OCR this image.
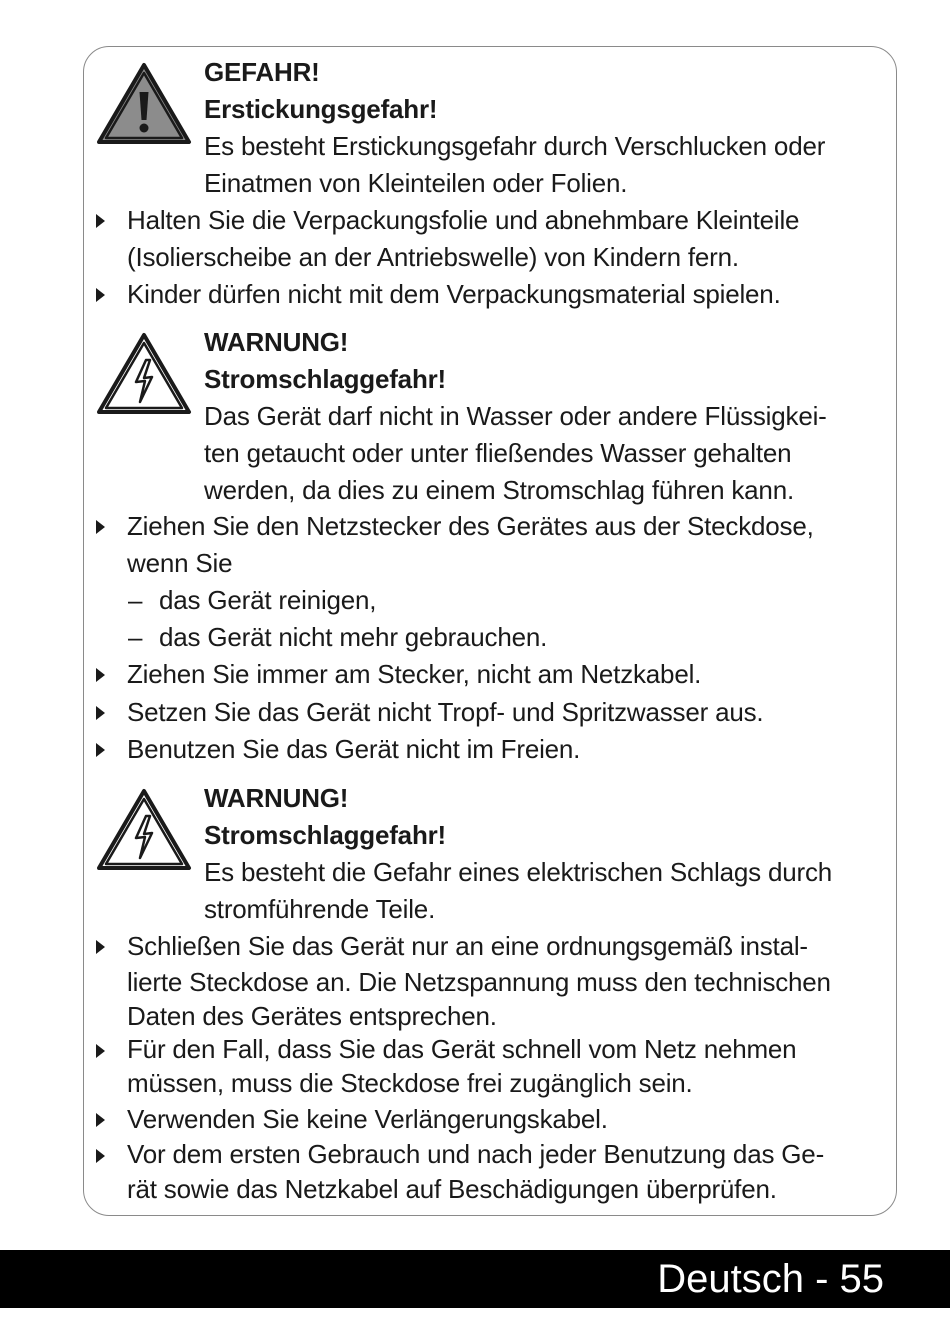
GEFAHR!
Erstickungsgefahr!
Es besteht Erstickungsgefahr durch Verschlucken oder
Einatmen von Kleinteilen oder Folien.
Halten Sie die Verpackungsfolie und abnehmbare Kleinteile
(Isolierscheibe an der Antriebswelle) von Kindern fern.
Kinder dürfen nicht mit dem Verpackungsmaterial spielen.
WARNUNG!
Stromschlaggefahr!
Das Gerät darf nicht in Wasser oder andere Flüssigkei-
ten getaucht oder unter fließendes Wasser gehalten
werden, da dies zu einem Stromschlag führen kann.
Ziehen Sie den Netzstecker des Gerätes aus der Steckdose,
wenn Sie
– das Gerät reinigen,
– das Gerät nicht mehr gebrauchen.
Ziehen Sie immer am Stecker, nicht am Netzkabel.
Setzen Sie das Gerät nicht Tropf- und Spritzwasser aus.
Benutzen Sie das Gerät nicht im Freien.
WARNUNG!
Stromschlaggefahr!
Es besteht die Gefahr eines elektrischen Schlags durch
stromführende Teile.
Schließen Sie das Gerät nur an eine ordnungsgemäß instal-
lierte Steckdose an. Die Netzspannung muss den technischen
Daten des Gerätes entsprechen.
Für den Fall, dass Sie das Gerät schnell vom Netz nehmen
müssen, muss die Steckdose frei zugänglich sein.
Verwenden Sie keine Verlängerungskabel.
Vor dem ersten Gebrauch und nach jeder Benutzung das Ge-
rät sowie das Netzkabel auf Beschädigungen überprüfen.
Deutsch - 55
